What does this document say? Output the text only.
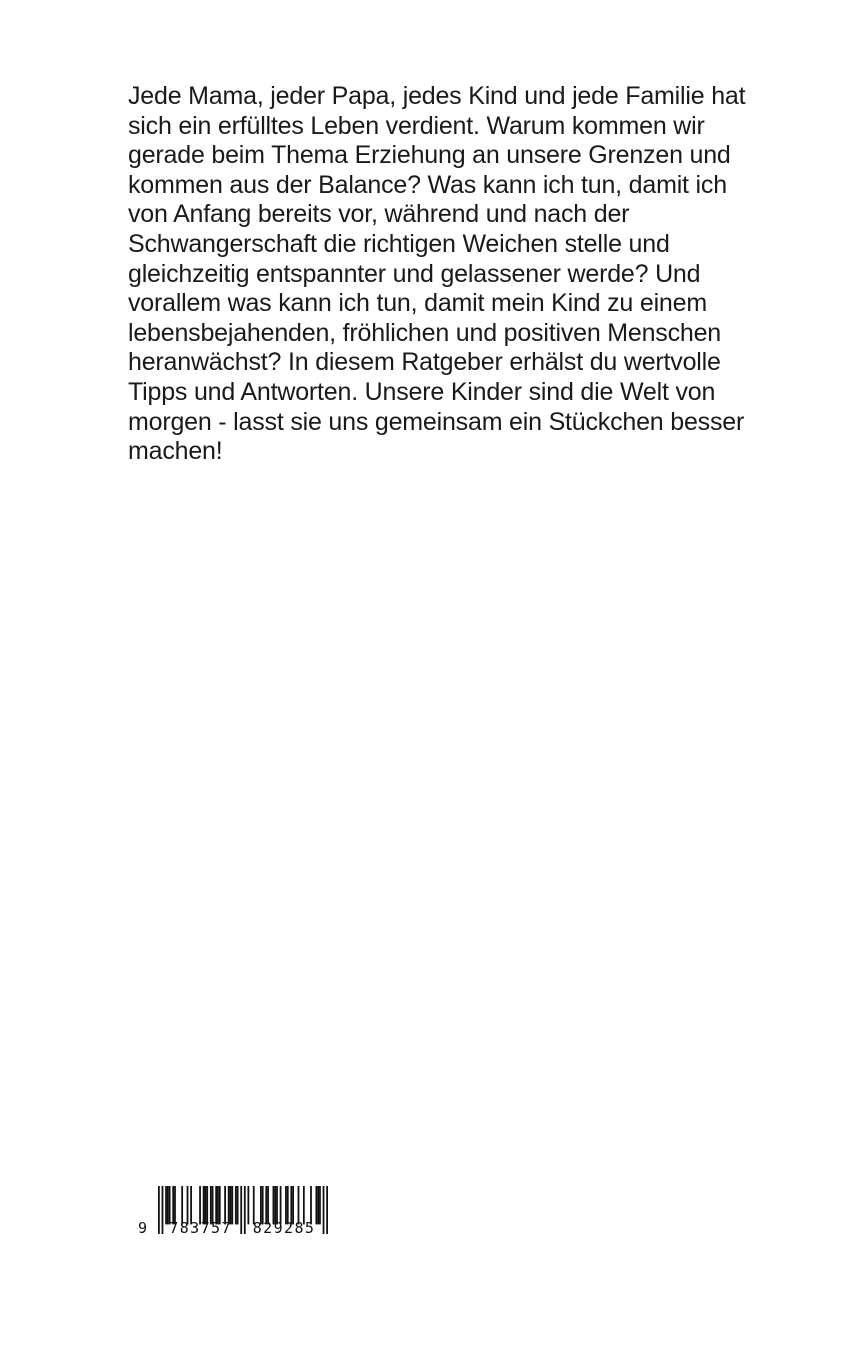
Jede Mama, jeder Papa, jedes Kind und jede Familie hat
sich ein erfülltes Leben verdient. Warum kommen wir
gerade beim Thema Erziehung an unsere Grenzen und
kommen aus der Balance? Was kann ich tun, damit ich
von Anfang bereits vor, während und nach der
Schwangerschaft die richtigen Weichen stelle und
gleichzeitig entspannter und gelassener werde? Und
vorallem was kann ich tun, damit mein Kind zu einem
lebensbejahenden, fröhlichen und positiven Menschen
heranwächst? In diesem Ratgeber erhälst du wertvolle
Tipps und Antworten. Unsere Kinder sind die Welt von
morgen - lasst sie uns gemeinsam ein Stückchen besser
machen!

9  783757  829285
